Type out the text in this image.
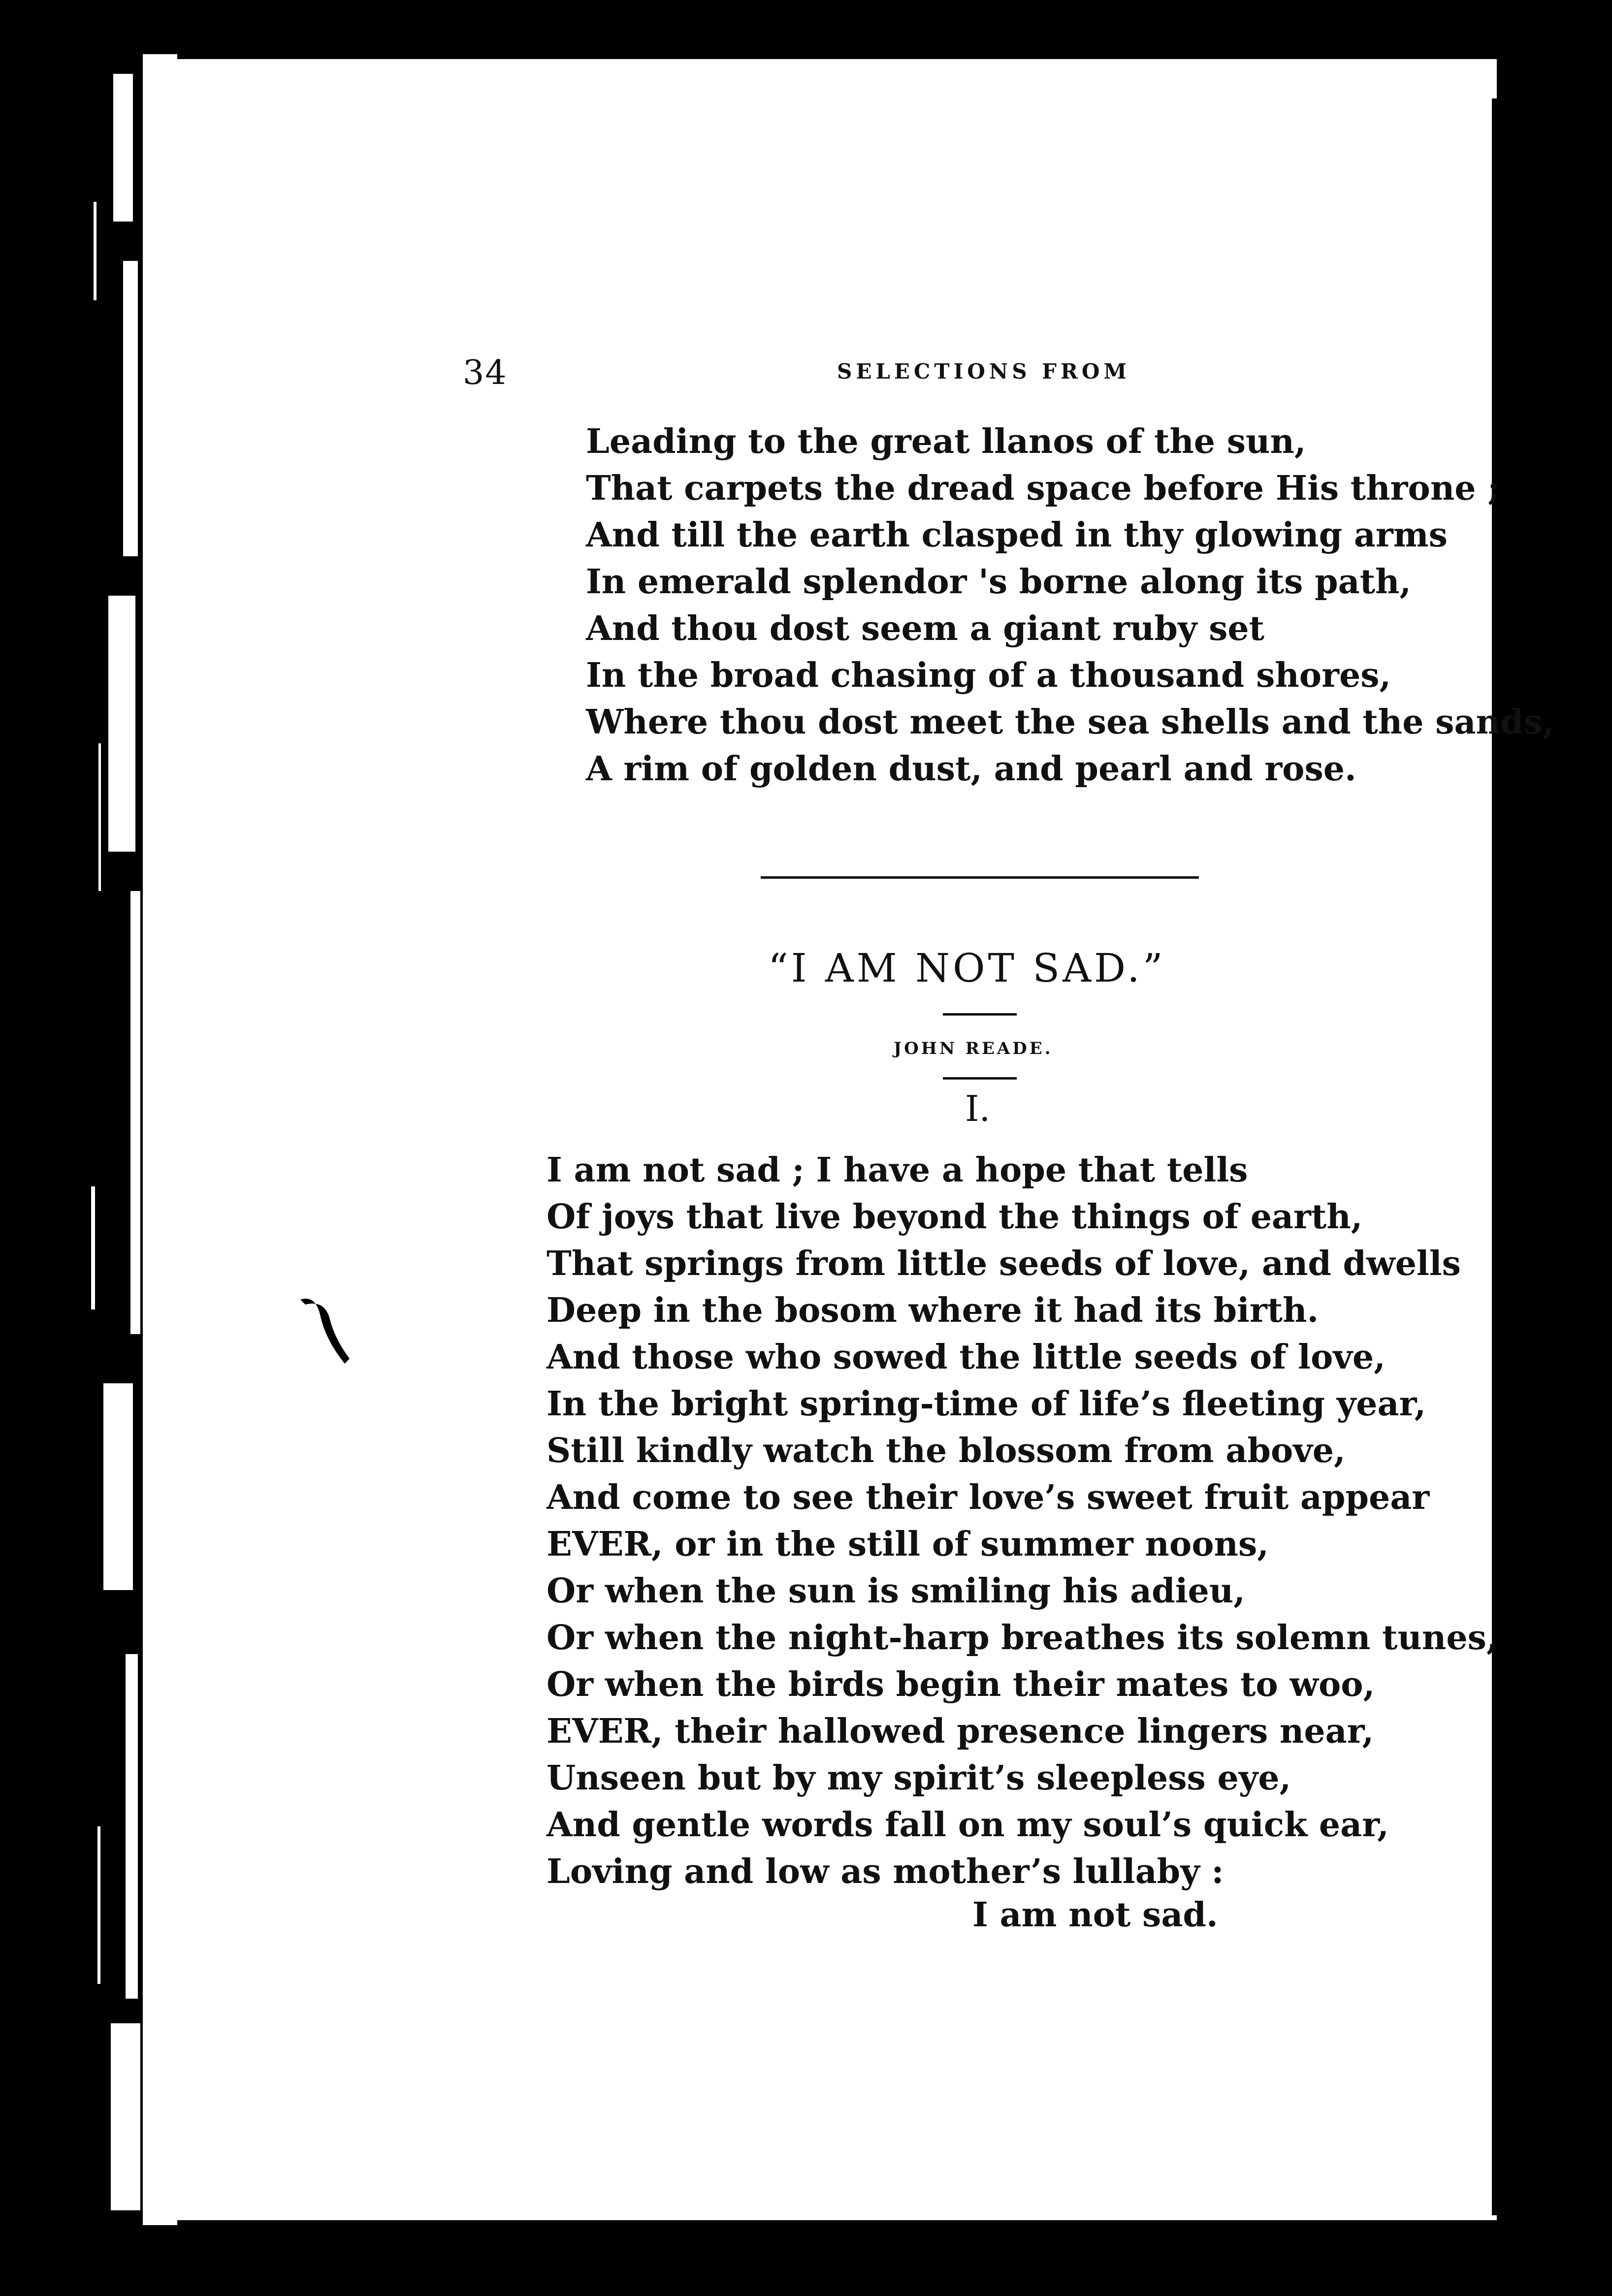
34	SELECTIONS FROM
Leading to the great llanos of the sun,
That carpets the dread space before His throne ;
And till the earth clasped in thy glowing arms
In emerald splendor 's borne along its path,
And thou dost seem a giant ruby set
In the broad chasing of a thousand shores,
Where thou dost meet the sea shells and the sands,
A rim of golden dust, and pearl and rose.
“I AM NOT SAD.”
JOHN READE.
I.
I am not sad ; I have a hope that tells
Of joys that live beyond the things of earth,
That springs from little seeds of love, and dwells
Deep in the bosom where it had its birth.
And those who sowed the little seeds of love,
In the bright spring-time of life’s fleeting year,
Still kindly watch the blossom from above,
And come to see their love’s sweet fruit appear
EVER, or in the still of summer noons,
Or when the sun is smiling his adieu,
Or when the night-harp breathes its solemn tunes,
Or when the birds begin their mates to woo,
EVER, their hallowed presence lingers near,
Unseen but by my spirit’s sleepless eye,
And gentle words fall on my soul’s quick ear,
Loving and low as mother’s lullaby :
I am not sad.
